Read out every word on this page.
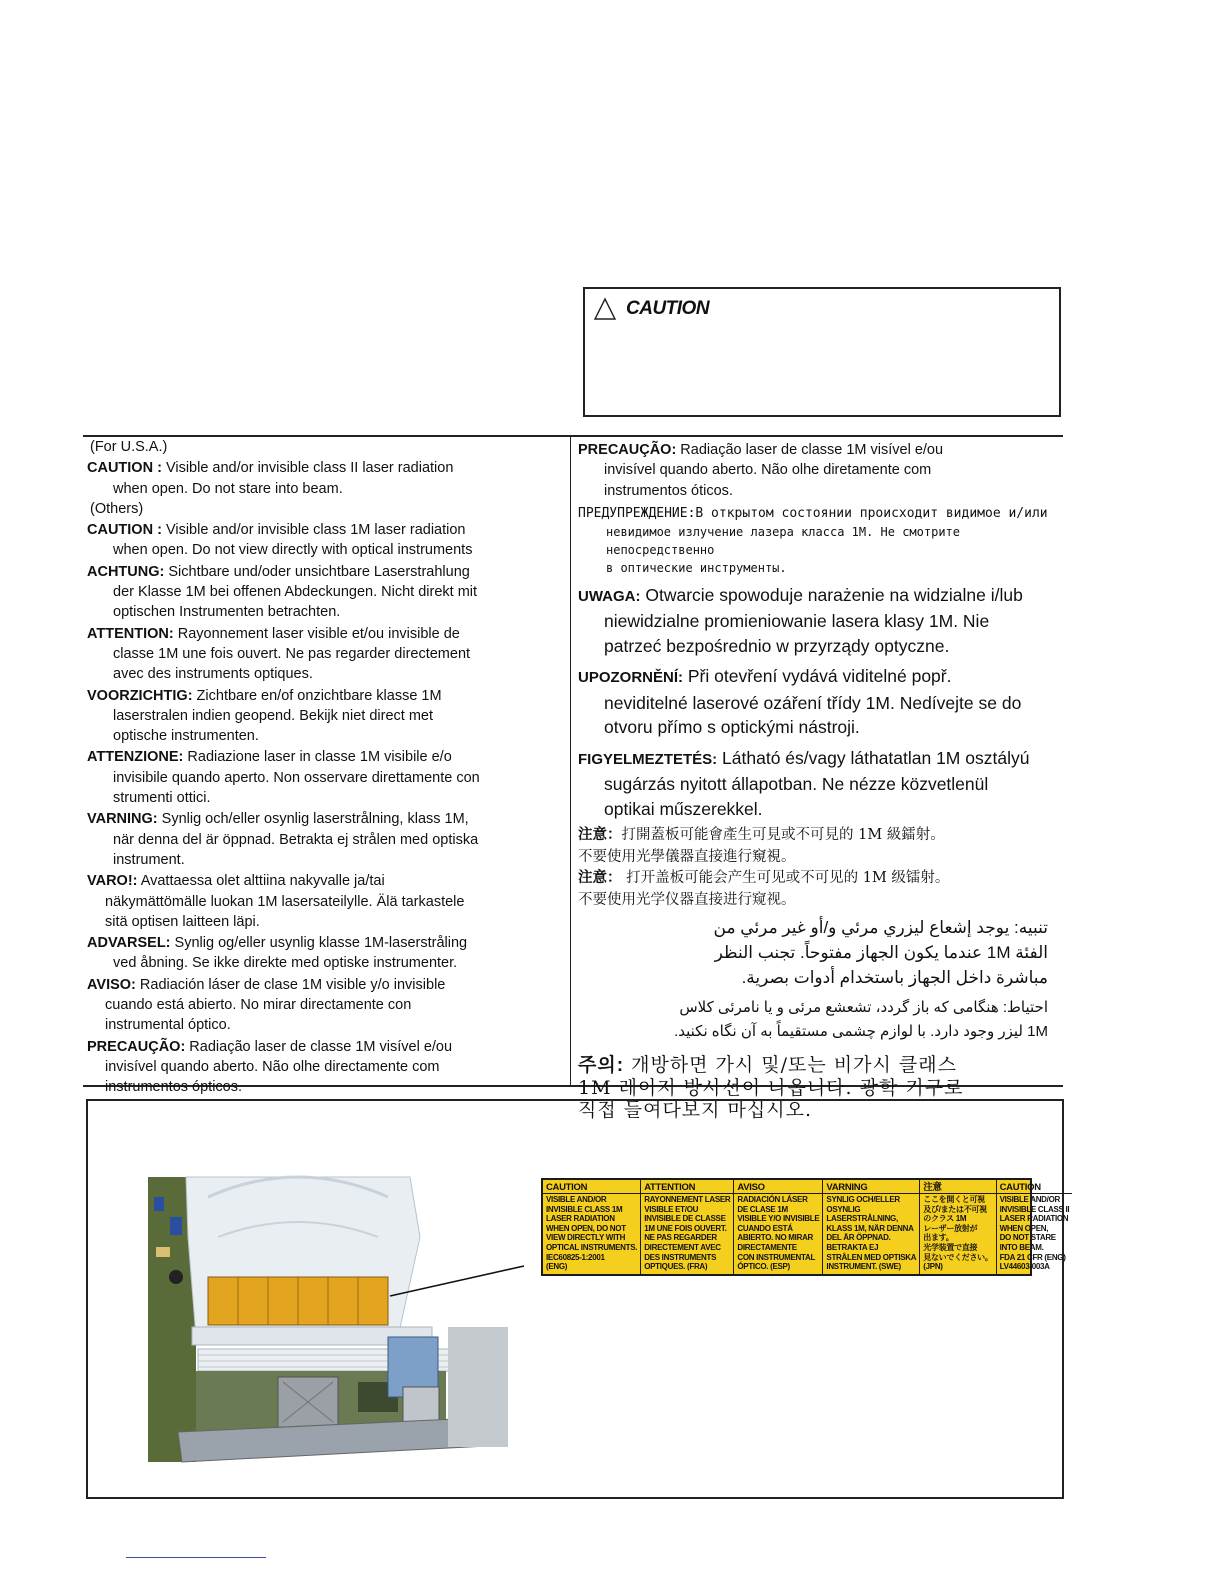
CAUTION
(For U.S.A.)
CAUTION : Visible and/or invisible class II laser radiation
when open. Do not stare into beam.
(Others)
CAUTION : Visible and/or invisible class 1M laser radiation
when open. Do not view directly with optical instruments
ACHTUNG: Sichtbare und/oder unsichtbare Laserstrahlung
der Klasse 1M bei offenen Abdeckungen. Nicht direkt mit
optischen Instrumenten betrachten.
ATTENTION: Rayonnement laser visible et/ou invisible de
classe 1M une fois ouvert. Ne pas regarder directement
avec des instruments optiques.
VOORZICHTIG: Zichtbare en/of onzichtbare klasse 1M
laserstralen indien geopend. Bekijk niet direct met
optische instrumenten.
ATTENZIONE: Radiazione laser in classe 1M visibile e/o
invisibile quando aperto. Non osservare direttamente con
strumenti ottici.
VARNING: Synlig och/eller osynlig laserstrålning, klass 1M,
när denna del är öppnad. Betrakta ej strålen med optiska
instrument.
VARO!: Avattaessa olet alttiina nakyvalle ja/tai
näkymättömälle luokan 1M lasersateilylle. Älä tarkastele
sitä optisen laitteen läpi.
ADVARSEL: Synlig og/eller usynlig klasse 1M-laserstråling
ved åbning. Se ikke direkte med optiske instrumenter.
AVISO: Radiación láser de clase 1M visible y/o invisible
cuando está abierto. No mirar directamente con
instrumental óptico.
PRECAUÇÃO: Radiação laser de classe 1M visível e/ou
invisível quando aberto. Não olhe directamente com
instrumentos ópticos.
PRECAUÇÃO: Radiação laser de classe 1M visível e/ou
invisível quando aberto. Não olhe diretamente com
instrumentos óticos.
ПРЕДУПРЕЖДЕНИЕ:В открытом состоянии происходит видимое и/или
невидимое излучение лазера класса 1M. Не смотрите непосредственно
в оптические инструменты.
UWAGA: Otwarcie spowoduje narażenie na widzialne i/lub
niewidzialne promieniowanie lasera klasy 1M. Nie
patrzeć bezpośrednio w przyrządy optyczne.
UPOZORNĚNÍ: Při otevření vydává viditelné popř.
neviditelné laserové ozáření třídy 1M. Nedívejte se do
otvoru přímo s optickými nástroji.
FIGYELMEZTETÉS: Látható és/vagy láthatatlan 1M osztályú
sugárzás nyitott állapotban. Ne nézze közvetlenül
optikai műszerekkel.
注意：打開蓋板可能會產生可見或不可見的 1M 級鐳射。
不要使用光學儀器直接進行窺視。
注意： 打开盖板可能会产生可见或不可见的 1M 级镭射。
不要使用光学仪器直接进行窥视。
تنبيه: يوجد إشعاع ليزري مرئي و/أو غير مرئي من
الفئة 1M عندما يكون الجهاز مفتوحاً. تجنب النظر
مباشرة داخل الجهاز باستخدام أدوات بصرية.
احتياط: هنگامی که باز گردد، تشعشع مرئی و یا نامرئی کلاس
1M لیزر وجود دارد. با لوازم چشمی مستقیماً به آن نگاه نکنید.
주의: 개방하면 가시 및/또는 비가시 클래스
1M 레이저 방사선이 나옵니다. 광학 기구로
직접 들여다보지 마십시오.
CAUTION
VISIBLE AND/OR
INVISIBLE CLASS 1M
LASER RADIATION
WHEN OPEN, DO NOT
VIEW DIRECTLY WITH
OPTICAL INSTRUMENTS.
IEC60825-1:2001
(ENG)
ATTENTION
RAYONNEMENT LASER
VISIBLE ET/OU
INVISIBLE DE CLASSE
1M UNE FOIS OUVERT.
NE PAS REGARDER
DIRECTEMENT AVEC
DES INSTRUMENTS
OPTIQUES. (FRA)
AVISO
RADIACIÓN LÁSER
DE CLASE 1M
VISIBLE Y/O INVISIBLE
CUANDO ESTÁ
ABIERTO. NO MIRAR
DIRECTAMENTE
CON INSTRUMENTAL
ÓPTICO. (ESP)
VARNING
SYNLIG OCH/ELLER
OSYNLIG
LASERSTRÅLNING,
KLASS 1M, NÄR DENNA
DEL ÄR ÖPPNAD.
BETRAKTA EJ
STRÅLEN MED OPTISKA
INSTRUMENT. (SWE)
注意
ここを開くと可視
及び/または不可視
のクラス 1M
レーザー放射が
出ます。
光学装置で直接
見ないでください。
(JPN)
CAUTION
VISIBLE AND/OR
INVISIBLE CLASS II
LASER RADIATION
WHEN OPEN,
DO NOT STARE
INTO BEAM.
FDA 21 CFR (ENG)
LV44603-003A
